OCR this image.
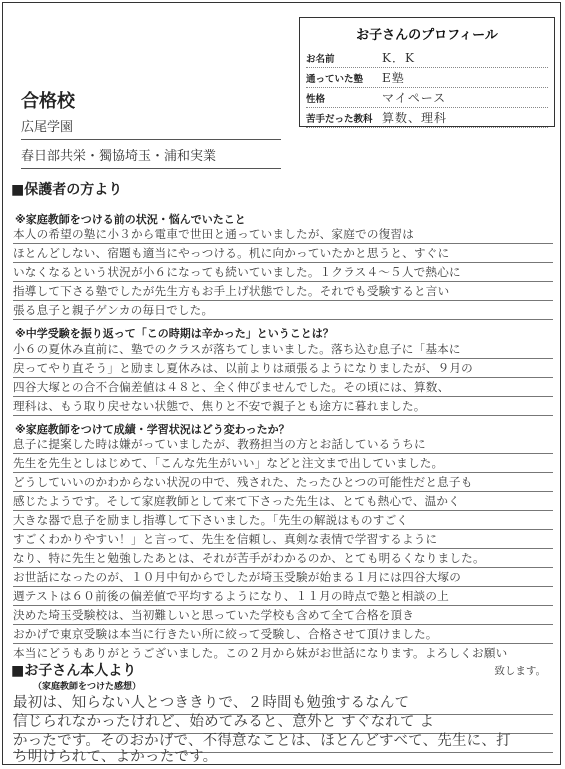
お子さんのプロフィール
お名前	K．K
通っていた塾	E塾
性格	マイペース
苦手だった教科 算数、理科
合格校
広尾学園
春日部共栄・獨協埼玉・浦和実業
■保護者の方より
※家庭教師をつける前の状況・悩んでいたこと
本人の希望の塾に小３から電車で世田と通っていましたが、家庭での復習は
ほとんどしない、宿題も適当にやっつける。机に向かっていたかと思うと、すぐに
いなくなるという状況が小６になっても続いていました。１クラス４〜５人で熱心に
指導して下さる塾でしたが先生方もお手上げ状態でした。それでも受験すると言い
張る息子と親子ゲンカの毎日でした。
※中学受験を振り返って「この時期は辛かった」ということは？
小６の夏休み直前に、塾でのクラスが落ちてしまいました。落ち込む息子に「基本に
戻ってやり直そう」と励まし夏休みは、以前よりは頑張るようになりましたが、９月の
四谷大塚との合不合偏差値は４８と、全く伸びませんでした。その頃には、算数、
理科は、もう取り戻せない状態で、焦りと不安で親子とも途方に暮れました。
※家庭教師をつけて成績・学習状況はどう変わったか？
息子に提案した時は嫌がっていましたが、教務担当の方とお話しているうちに
先生を先生としはじめて、「こんな先生がいい」などと注文まで出していました。
どうしていいのかわからない状況の中で、残された、たったひとつの可能性だと息子も
感じたようです。そして家庭教師として来て下さった先生は、とても熱心で、温かく
大きな器で息子を励まし指導して下さいました。「先生の解説はものすごく
すごくわかりやすい！」と言って、先生を信頼し、真剣な表情で学習するように
なり、特に先生と勉強したあとは、それが苦手がわかるのか、とても明るくなりました。
お世話になったのが、１０月中旬からでしたが埼玉受験が始まる１月には四谷大塚の
週テストは６０前後の偏差値で平均するようになり、１１月の時点で塾と相談の上
決めた埼玉受験校は、当初難しいと思っていた学校も含めて全て合格を頂き
おかげで東京受験は本当に行きたい所に絞って受験し、合格させて頂けました。
本当にどうもありがとうございました。この２月から妹がお世話になります。よろしくお願い
致します。
■お子さん本人より
（家庭教師をつけた感想）
最初は、知らない人とつききりで、２時間も勉強するなんて
信じられなかったけれど、始めてみると、意外と すぐなれて よ
かったです。そのおかげで、不得意なことは、ほとんどすべて、先生に、打
ち明けられて、よかったです。
